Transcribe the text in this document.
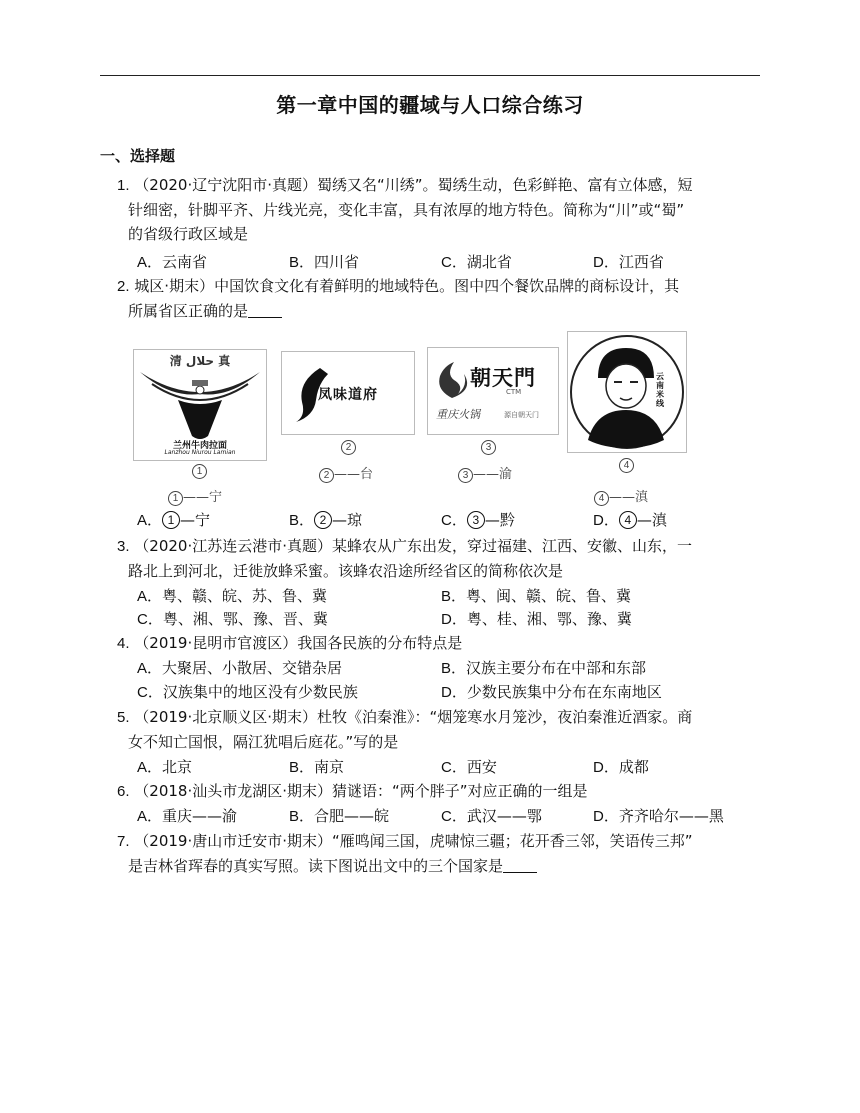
第一章中国的疆域与人口综合练习
一、选择题
1. （2020·辽宁沈阳市·真题）蜀绣又名“川绣”。蜀绣生动，色彩鲜艳、富有立体感，短
针细密，针脚平齐、片线光亮，变化丰富，具有浓厚的地方特色。简称为“川”或“蜀”
的省级行政区域是
A．云南省	B．四川省	C．湖北省	D．江西省
2. 城区·期末）中国饮食文化有着鲜明的地域特色。图中四个餐饮品牌的商标设计，其
所属省区正确的是
清 حلال 真
兰州牛肉拉面
Lanzhou Niurou Lamian
1
凤味道府
2
朝天門
CTM
重庆火锅	源自朝天门
3
云南米线
4
1 ——宁
2 ——台	3 ——渝
4 ——滇
A． 1 —宁	B． 2 —琼	C． 3 —黔	D． 4 —滇
3. （2020·江苏连云港市·真题）某蜂农从广东出发，穿过福建、江西、安徽、山东，一
路北上到河北，迁徙放蜂采蜜。该蜂农沿途所经省区的简称依次是
A．粤、赣、皖、苏、鲁、冀	B．粤、闽、赣、皖、鲁、冀
C．粤、湘、鄂、豫、晋、冀	D．粤、桂、湘、鄂、豫、冀
4. （2019·昆明市官渡区）我国各民族的分布特点是
A．大聚居、小散居、交错杂居	B．汉族主要分布在中部和东部
C．汉族集中的地区没有少数民族	D．少数民族集中分布在东南地区
5. （2019·北京顺义区·期末）杜牧《泊秦淮》：“烟笼寒水月笼沙，夜泊秦淮近酒家。商
女不知亡国恨，隔江犹唱后庭花。”写的是
A．北京	B．南京	C．西安	D．成都
6. （2018·汕头市龙湖区·期末）猜谜语：“两个胖子”对应正确的一组是
A．重庆——渝	B．合肥——皖	C．武汉——鄂	D．齐齐哈尔——黑
7. （2019·唐山市迁安市·期末）“雁鸣闻三国，虎啸惊三疆；花开香三邻，笑语传三邦”
是吉林省珲春的真实写照。读下图说出文中的三个国家是
